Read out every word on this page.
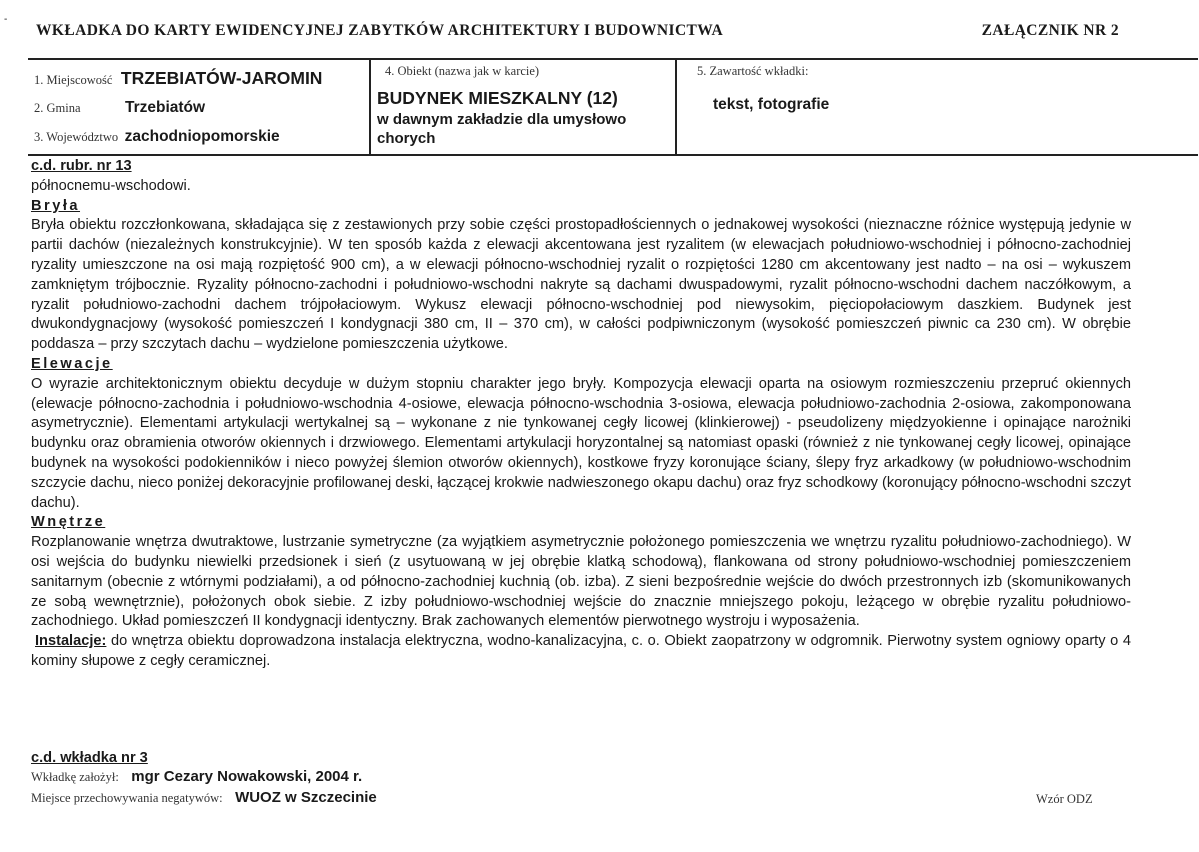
-
WKŁADKA DO KARTY EWIDENCYJNEJ ZABYTKÓW ARCHITEKTURY I BUDOWNICTWA	ZAŁĄCZNIK NR 2
1. Miejscowość TRZEBIATÓW-JAROMIN
2. Gmina	Trzebiatów
3. Województwo zachodniopomorskie
4. Obiekt (nazwa jak w karcie)
BUDYNEK MIESZKALNY (12)
w dawnym zakładzie dla umysłowo
chorych
5. Zawartość wkładki:
tekst, fotografie

c.d. rubr. nr 13

północnemu-wschodowi.

Bryła

Bryła obiektu rozczłonkowana, składająca się z zestawionych przy sobie części prostopadłościennych o jednakowej wysokości (nieznaczne różnice występują jedynie w partii dachów (niezależnych konstrukcyjnie). W ten sposób każda z elewacji akcentowana jest ryzalitem (w elewacjach południowo-wschodniej i północno-zachodniej ryzality umieszczone na osi mają rozpiętość 900 cm), a w elewacji północno-wschodniej ryzalit o rozpiętości 1280 cm akcentowany jest nadto – na osi – wykuszem zamkniętym trójbocznie. Ryzality północno-zachodni i południowo-wschodni nakryte są dachami dwuspadowymi, ryzalit północno-wschodni dachem naczółkowym, a ryzalit południowo-zachodni dachem trójpołaciowym. Wykusz elewacji północno-wschodniej pod niewysokim, pięciopołaciowym daszkiem. Budynek jest dwukondygnacjowy (wysokość pomieszczeń I kondygnacji 380 cm, II – 370 cm), w całości podpiwniczonym (wysokość pomieszczeń piwnic ca 230 cm). W obrębie poddasza – przy szczytach dachu – wydzielone pomieszczenia użytkowe.

Elewacje

O wyrazie architektonicznym obiektu decyduje w dużym stopniu charakter jego bryły. Kompozycja elewacji oparta na osiowym rozmieszczeniu przepruć okiennych (elewacje północno-zachodnia i południowo-wschodnia 4-osiowe, elewacja północno-wschodnia 3-osiowa, elewacja południowo-zachodnia 2-osiowa, zakomponowana asymetrycznie). Elementami artykulacji wertykalnej są – wykonane z nie tynkowanej cegły licowej (klinkierowej) - pseudolizeny międzyokienne i opinające narożniki budynku oraz obramienia otworów okiennych i drzwiowego. Elementami artykulacji horyzontalnej są natomiast opaski (również z nie tynkowanej cegły licowej, opinające budynek na wysokości podokienników i nieco powyżej ślemion otworów okiennych), kostkowe fryzy koronujące ściany, ślepy fryz arkadkowy (w południowo-wschodnim szczycie dachu, nieco poniżej dekoracyjnie profilowanej deski, łączącej krokwie nadwieszonego okapu dachu) oraz fryz schodkowy (koronujący północno-wschodni szczyt dachu).

Wnętrze

Rozplanowanie wnętrza dwutraktowe, lustrzanie symetryczne (za wyjątkiem asymetrycznie położonego pomieszczenia we wnętrzu ryzalitu południowo-zachodniego). W osi wejścia do budynku niewielki przedsionek i sień (z usytuowaną w jej obrębie klatką schodową), flankowana od strony południowo-wschodniej pomieszczeniem sanitarnym (obecnie z wtórnymi podziałami), a od północno-zachodniej kuchnią (ob. izba). Z sieni bezpośrednie wejście do dwóch przestronnych izb (skomunikowanych ze sobą wewnętrznie), położonych obok siebie. Z izby południowo-wschodniej wejście do znacznie mniejszego pokoju, leżącego w obrębie ryzalitu południowo-zachodniego. Układ pomieszczeń II kondygnacji identyczny. Brak zachowanych elementów pierwotnego wystroju i wyposażenia.

Instalacje: do wnętrza obiektu doprowadzona instalacja elektryczna, wodno-kanalizacyjna, c. o. Obiekt zaopatrzony w odgromnik. Pierwotny system ogniowy oparty o 4 kominy słupowe z cegły ceramicznej.

c.d. wkładka nr 3
Wkładkę założył: mgr Cezary Nowakowski, 2004 r.
Miejsce przechowywania negatywów: WUOZ w Szczecinie	Wzór ODZ
